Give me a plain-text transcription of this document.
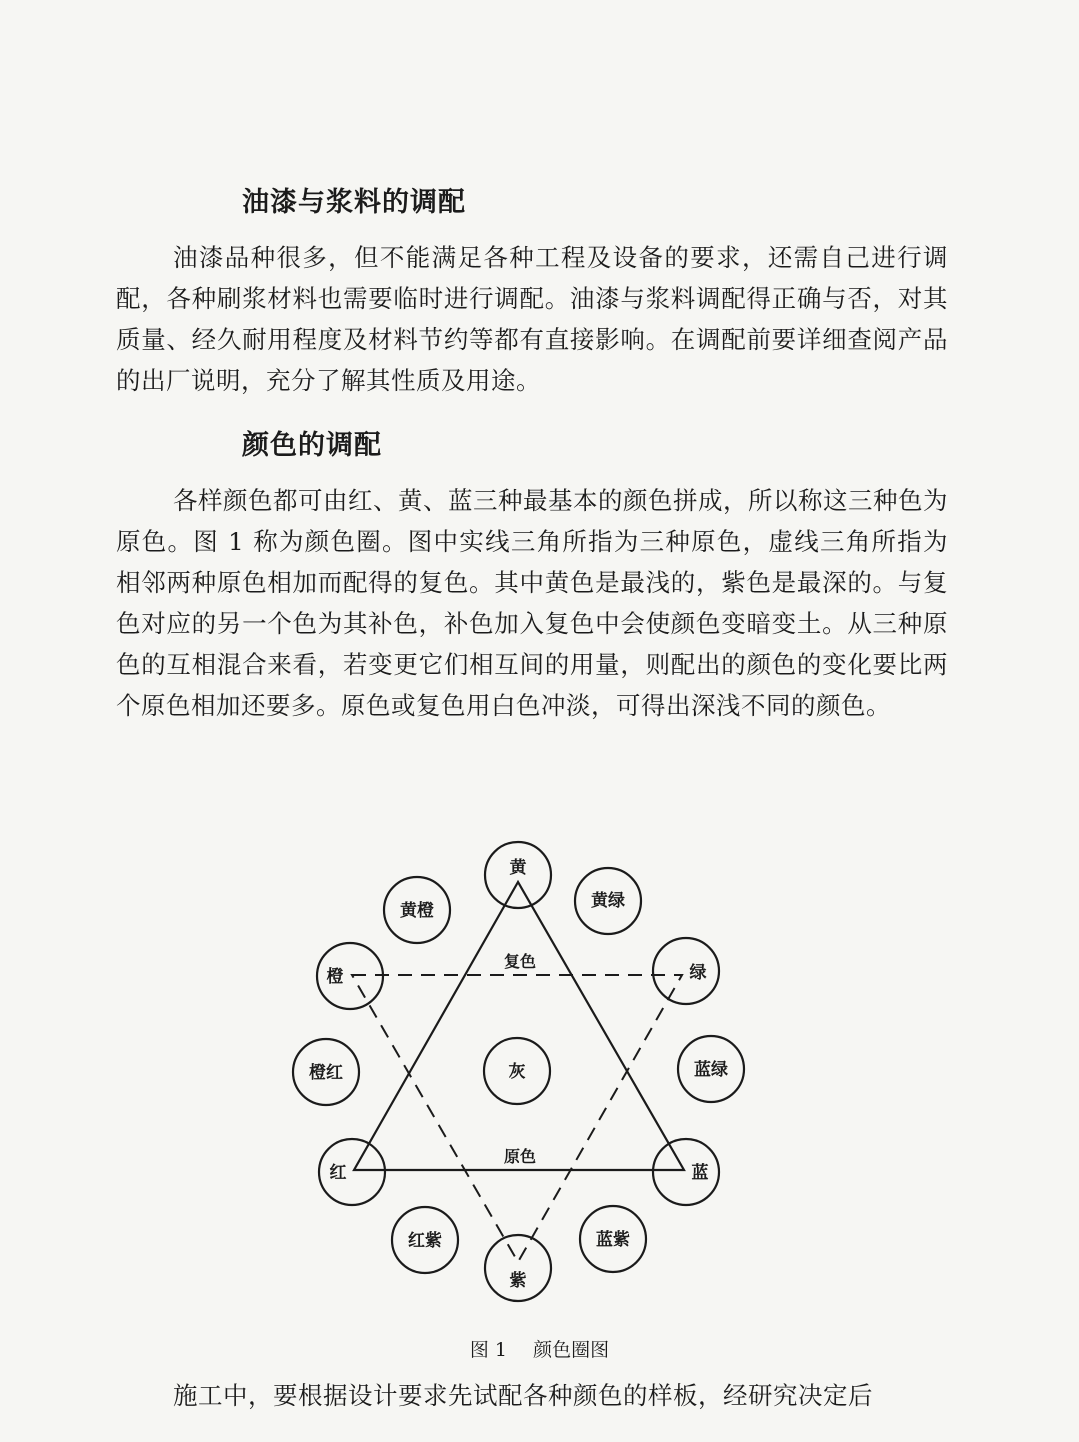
油漆与浆料的调配

油漆品种很多，但不能满足各种工程及设备的要求，还需自己进行调配，各种刷浆材料也需要临时进行调配。油漆与浆料调配得正确与否，对其质量、经久耐用程度及材料节约等都有直接影响。在调配前要详细查阅产品的出厂说明，充分了解其性质及用途。

颜色的调配

各样颜色都可由红、黄、蓝三种最基本的颜色拼成，所以称这三种色为原色。图 1 称为颜色圈。图中实线三角所指为三种原色，虚线三角所指为相邻两种原色相加而配得的复色。其中黄色是最浅的，紫色是最深的。与复色对应的另一个色为其补色，补色加入复色中会使颜色变暗变土。从三种原色的互相混合来看，若变更它们相互间的用量，则配出的颜色的变化要比两个原色相加还要多。原色或复色用白色冲淡，可得出深浅不同的颜色。

黄
黄绿
绿
蓝绿
蓝
蓝紫
紫
红紫
红
橙红
橙
黄橙
灰
复色
原色

图 1 颜色圈图

施工中，要根据设计要求先试配各种颜色的样板，经研究决定后
